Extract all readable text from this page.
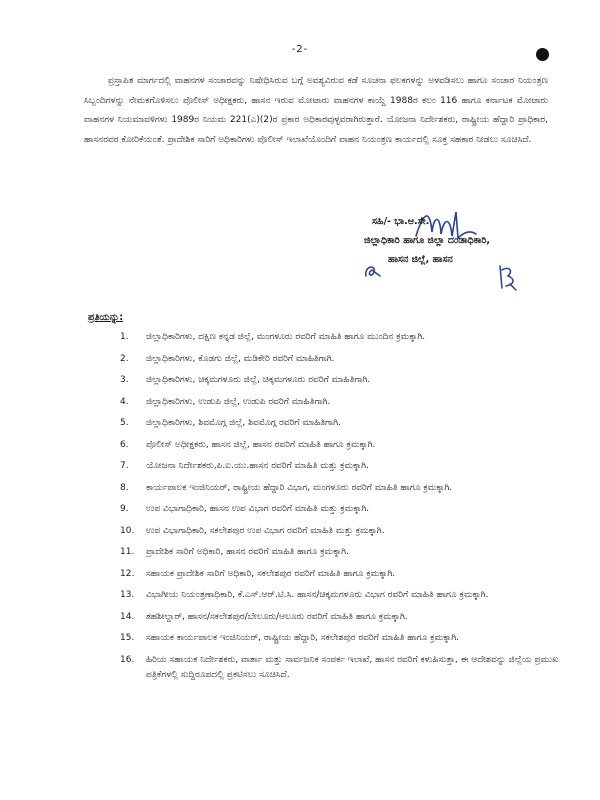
-2-

ಪ್ರಸ್ತಾಪಿತ ಮಾರ್ಗದಲ್ಲಿ ವಾಹನಗಳ ಸಂಚಾರವನ್ನು ನಿಷೇಧಿಸಿರುವ ಬಗ್ಗೆ ಅವಶ್ಯವಿರುವ ಕಡೆ ಸೂಚನಾ ಫಲಕಗಳನ್ನು ಅಳವಡಿಸಲು ಹಾಗೂ ಸಂಚಾರ ನಿಯಂತ್ರಣ ಸಿಬ್ಬಂದಿಗಳನ್ನು ನೇಮಕಗೊಳಿಸಲು ಪೊಲೀಸ್ ಅಧೀಕ್ಷಕರು, ಹಾಸನ ಇರುವ ಮೋಟಾರು ವಾಹನಗಳ ಕಾಯ್ದೆ 1988ರ ಕಲಂ 116 ಹಾಗೂ ಕರ್ನಾಟಕ ಮೋಟಾರು ವಾಹನಗಳ ನಿಯಮಾವಳಿಗಳು 1989ರ ನಿಯಮ 221(ಎ)(2)ರ ಪ್ರಕಾರ ಅಧಿಕಾರವುಳ್ಳವರಾಗಿರುತ್ತಾರೆ. ಯೋಜನಾ ನಿರ್ದೇಶಕರು, ರಾಷ್ಟ್ರೀಯ ಹೆದ್ದಾರಿ ಪ್ರಾಧಿಕಾರ, ಹಾಸನರವರ ಕೋರಿಕೆಯಂತೆ. ಪ್ರಾದೇಶಿಕ ಸಾರಿಗೆ ಅಧಿಕಾರಿಗಳು ಪೊಲೀಸ್ ಇಲಾಖೆಯೊಂದಿಗೆ ವಾಹನ ನಿಯಂತ್ರಣ ಕಾರ್ಯದಲ್ಲಿ ಸೂಕ್ತ ಸಹಕಾರ ನೀಡಲು ಸೂಚಿಸಿದೆ.

ಸಹಿ/- ಭಾ.ಆ.ಸೇ.
ಜಿಲ್ಲಾಧಿಕಾರಿ ಹಾಗೂ ಜಿಲ್ಲಾ ದಂಡಾಧಿಕಾರಿ,
ಹಾಸನ ಜಿಲ್ಲೆ, ಹಾಸನ
ಪ್ರತಿಯನ್ನು:
1.	ಜಿಲ್ಲಾಧಿಕಾರಿಗಳು, ದಕ್ಷಿಣ ಕನ್ನಡ ಜಿಲ್ಲೆ, ಮಂಗಳೂರು ರವರಿಗೆ ಮಾಹಿತಿ ಹಾಗೂ ಮುಂದಿನ ಕ್ರಮಕ್ಕಾಗಿ.
2.	ಜಿಲ್ಲಾಧಿಕಾರಿಗಳು, ಕೊಡಗು ಜಿಲ್ಲೆ, ಮಡಿಕೇರಿ ರವರಿಗೆ ಮಾಹಿತಿಗಾಗಿ.
3.	ಜಿಲ್ಲಾಧಿಕಾರಿಗಳು, ಚಿಕ್ಕಮಗಳೂರು ಜಿಲ್ಲೆ, ಚಿಕ್ಕಮಗಳೂರು ರವರಿಗೆ ಮಾಹಿತಿಗಾಗಿ.
4.	ಜಿಲ್ಲಾಧಿಕಾರಿಗಳು, ಉಡುಪಿ ಜಿಲ್ಲೆ, ಉಡುಪಿ ರವರಿಗೆ ಮಾಹಿತಿಗಾಗಿ.
5.	ಜಿಲ್ಲಾಧಿಕಾರಿಗಳು, ಶಿವಮೊಗ್ಗ ಜಿಲ್ಲೆ, ಶಿವಮೊಗ್ಗ ರವರಿಗೆ ಮಾಹಿತಿಗಾಗಿ.
6.	ಪೊಲೀಸ್ ಅಧೀಕ್ಷಕರು, ಹಾಸನ ಜಿಲ್ಲೆ, ಹಾಸನ ರವರಿಗೆ ಮಾಹಿತಿ ಹಾಗೂ ಕ್ರಮಕ್ಕಾಗಿ.
7.	ಯೋಜನಾ ನಿರ್ದೇಶಕರು,ಪಿ.ಐ.ಯು.ಹಾಸನ ರವರಿಗೆ ಮಾಹಿತಿ ಮತ್ತು ಕ್ರಮಕ್ಕಾಗಿ.
8.	ಕಾರ್ಯಪಾಲಕ ಇಂಜಿನಿಯರ್, ರಾಷ್ಟ್ರೀಯ ಹೆದ್ದಾರಿ ವಿಭಾಗ, ಮಂಗಳೂರು ರವರಿಗೆ ಮಾಹಿತಿ ಹಾಗೂ ಕ್ರಮಕ್ಕಾಗಿ.
9.	ಉಪ ವಿಭಾಗಾಧಿಕಾರಿ, ಹಾಸನ ಉಪ ವಿಭಾಗ ರವರಿಗೆ ಮಾಹಿತಿ ಮತ್ತು ಕ್ರಮಕ್ಕಾಗಿ.
10.	ಉಪ ವಿಭಾಗಾಧಿಕಾರಿ, ಸಕಲೇಶಪುರ ಉಪ ವಿಭಾಗ ರವರಿಗೆ ಮಾಹಿತಿ ಮತ್ತು ಕ್ರಮಕ್ಕಾಗಿ.
11.	ಪ್ರಾದೇಶಿಕ ಸಾರಿಗೆ ಅಧಿಕಾರಿ, ಹಾಸನ ರವರಿಗೆ ಮಾಹಿತಿ ಹಾಗೂ ಕ್ರಮಕ್ಕಾಗಿ.
12.	ಸಹಾಯಕ ಪ್ರಾದೇಶಿಕ ಸಾರಿಗೆ ಅಧಿಕಾರಿ, ಸಕಲೇಶಪುರ ರವರಿಗೆ ಮಾಹಿತಿ ಹಾಗೂ ಕ್ರಮಕ್ಕಾಗಿ.
13.	ವಿಭಾಗೀಯ ನಿಯಂತ್ರಣಾಧಿಕಾರಿ, ಕೆ.ಎಸ್.ಆರ್.ಟಿ.ಸಿ. ಹಾಸನ/ಚಿಕ್ಕಮಗಳೂರು ವಿಭಾಗ ರವರಿಗೆ ಮಾಹಿತಿ ಹಾಗೂ ಕ್ರಮಕ್ಕಾಗಿ.
14.	ತಹಶೀಲ್ದಾರ್, ಹಾಸನ/ಸಕಲೇಶಪುರ/ಬೇಲೂರು/ಆಲೂರು ರವರಿಗೆ ಮಾಹಿತಿ ಹಾಗೂ ಕ್ರಮಕ್ಕಾಗಿ.
15.	ಸಹಾಯಕ ಕಾರ್ಯಪಾಲಕ ಇಂಜಿನಿಯರ್, ರಾಷ್ಟ್ರೀಯ ಹೆದ್ದಾರಿ, ಸಕಲೇಶಪುರ ರವರಿಗೆ ಮಾಹಿತಿ ಹಾಗೂ ಕ್ರಮಕ್ಕಾಗಿ.
16.	ಹಿರಿಯ ಸಹಾಯಕ ನಿರ್ದೇಶಕರು, ವಾರ್ತಾ ಮತ್ತು ಸಾರ್ವಜನಿಕ ಸಂಪರ್ಕ ಇಲಾಖೆ, ಹಾಸನ ರವರಿಗೆ ಕಳುಹಿಸುತ್ತಾ, ಈ ಆದೇಶವನ್ನು ಜಿಲ್ಲೆಯ ಪ್ರಮುಖ ಪತ್ರಿಕೆಗಳಲ್ಲಿ ಸುದ್ದಿರೂಪದಲ್ಲಿ ಪ್ರಕಟಿಸಲು ಸೂಚಿಸಿದೆ.
